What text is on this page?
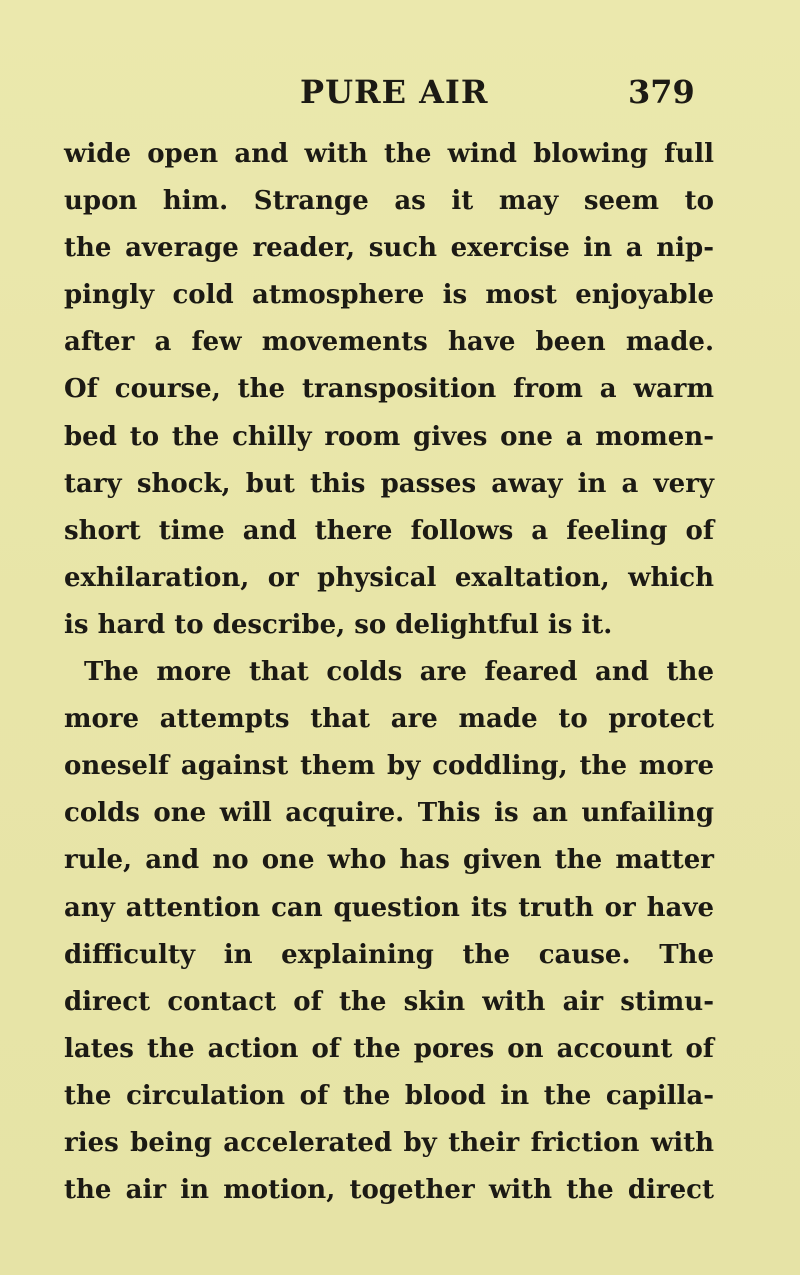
PURE AIR	379
wide open and with the wind blowing full
upon him. Strange as it may seem to
the average reader, such exercise in a nip-
pingly cold atmosphere is most enjoyable
after a few movements have been made.
Of course, the transposition from a warm
bed to the chilly room gives one a momen-
tary shock, but this passes away in a very
short time and there follows a feeling of
exhilaration, or physical exaltation, which
is hard to describe, so delightful is it.
The more that colds are feared and the
more attempts that are made to protect
oneself against them by coddling, the more
colds one will acquire. This is an unfailing
rule, and no one who has given the matter
any attention can question its truth or have
difficulty in explaining the cause. The
direct contact of the skin with air stimu-
lates the action of the pores on account of
the circulation of the blood in the capilla-
ries being accelerated by their friction with
the air in motion, together with the direct
